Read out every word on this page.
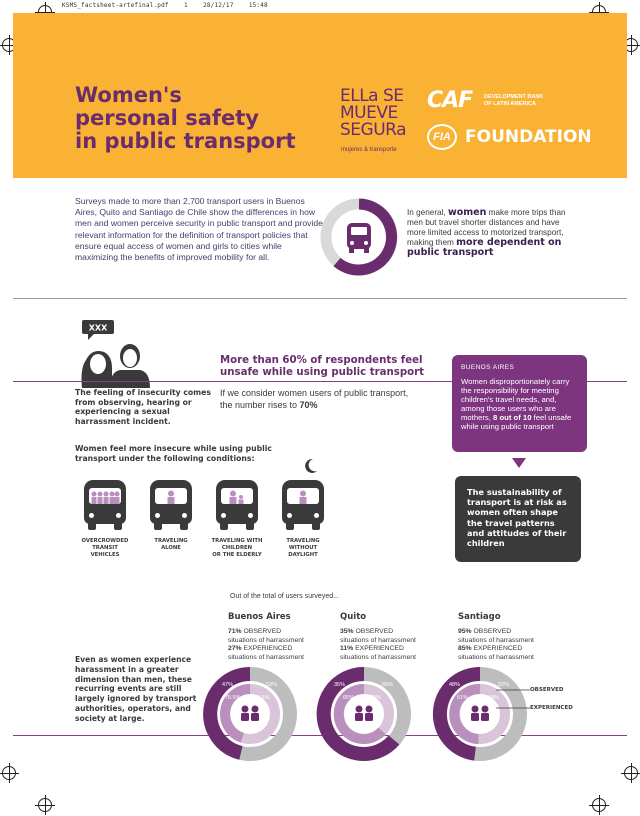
KSMS_factsheet-artefinal.pdf	1	28/12/17	15:48
Women's
personal safety
in public transport
ELLa SE
MUEVE
SEGURa
mujeres & transporte
CAF DEVELOPMENT BANK
OF LATIN AMERICA
FIA FOUNDATION
Surveys made to more than 2,700 transport users in Buenos Aires, Quito and Santiago de Chile show the differences in how men and women perceive security in public transport and provide relevant information for the definition of transport policies that ensure equal access of women and girls to cities while maximizing the benefits of improved mobility for all.
In general, women make more trips than men but travel shorter distances and have more limited access to motorized transport, making them more dependent on public transport
XXX
More than 60% of respondents feel unsafe while using public transport
If we consider women users of public transport, the number rises to 70%
The feeling of insecurity comes from observing, hearing or experiencing a sexual harrassment incident.
BUENOS AIRES
Women disproportionately carry the responsibility for meeting children's travel needs, and, among those users who are mothers, 8 out of 10 feel unsafe while using public transport
The sustainability of transport is at risk as women often shape the travel patterns and attitudes of their children
Women feel more insecure while using public transport under the following conditions:
OVERCROWDED
TRANSIT
VEHICLES
TRAVELING
ALONE
TRAVELING WITH
CHILDREN
OR THE ELDERLY
TRAVELING
WITHOUT
DAYLIGHT
Out of the total of users surveyed...
Buenos Aires	Quito	Santiago
71% OBSERVED
situations of harrassment
27% EXPERIENCED
situations of harrassment
35% OBSERVED
situations of harrassment
11% EXPERIENCED
situations of harrassment
95% OBSERVED
situations of harrassment
85% EXPERIENCED
situations of harrassment
Even as women experience harassment in a greater dimension than men, these recurring events are still largely ignored by transport authorities, operators, and society at large.
47%	53%
75.5% 57.5%
35%	65%
65%	35%
48%	52%
51%	49%
OBSERVED
EXPERIENCED
